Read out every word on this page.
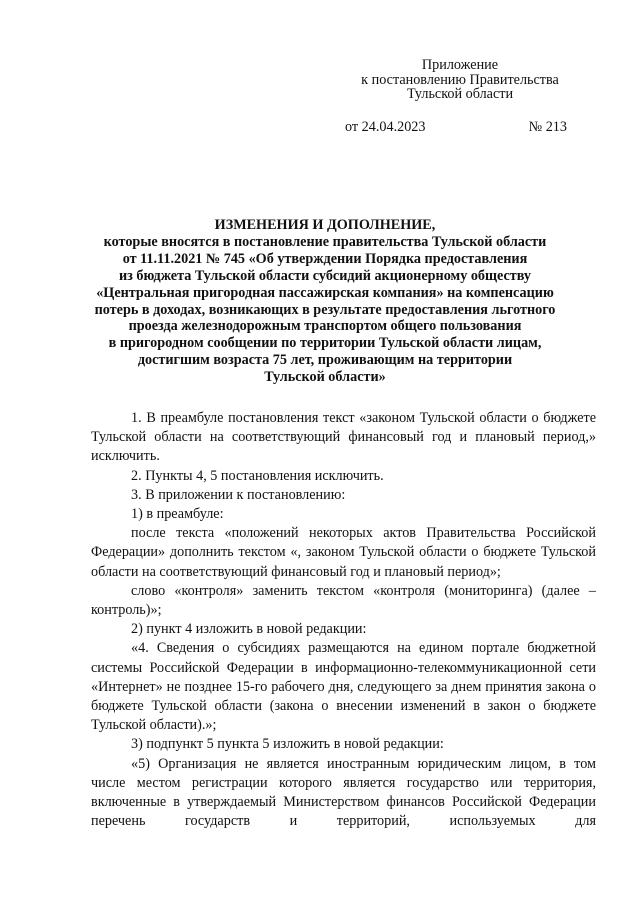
Приложение
к постановлению Правительства
Тульской области
от 24.04.2023	№ 213
ИЗМЕНЕНИЯ И ДОПОЛНЕНИЕ,
которые вносятся в постановление правительства Тульской области
от 11.11.2021 № 745 «Об утверждении Порядка предоставления
из бюджета Тульской области субсидий акционерному обществу
«Центральная пригородная пассажирская компания» на компенсацию
потерь в доходах, возникающих в результате предоставления льготного
проезда железнодорожным транспортом общего пользования
в пригородном сообщении по территории Тульской области лицам,
достигшим возраста 75 лет, проживающим на территории
Тульской области»

1. В преамбуле постановления текст «законом Тульской области о бюджете Тульской области на соответствующий финансовый год и плановый период,» исключить.

2. Пункты 4, 5 постановления исключить.

3. В приложении к постановлению:

1) в преамбуле:

после текста «положений некоторых актов Правительства Российской Федерации» дополнить текстом «, законом Тульской области о бюджете Тульской области на соответствующий финансовый год и плановый период»;

слово «контроля» заменить текстом «контроля (мониторинга) (далее – контроль)»;

2) пункт 4 изложить в новой редакции:

«4. Сведения о субсидиях размещаются на едином портале бюджетной системы Российской Федерации в информационно-телекоммуникационной сети «Интернет» не позднее 15-го рабочего дня, следующего за днем принятия закона о бюджете Тульской области (закона о внесении изменений в закон о бюджете Тульской области).»;

3) подпункт 5 пункта 5 изложить в новой редакции:

«5) Организация не является иностранным юридическим лицом, в том числе местом регистрации которого является государство или территория, включенные в утверждаемый Министерством финансов Российской Федерации перечень государств и территорий, используемых для
